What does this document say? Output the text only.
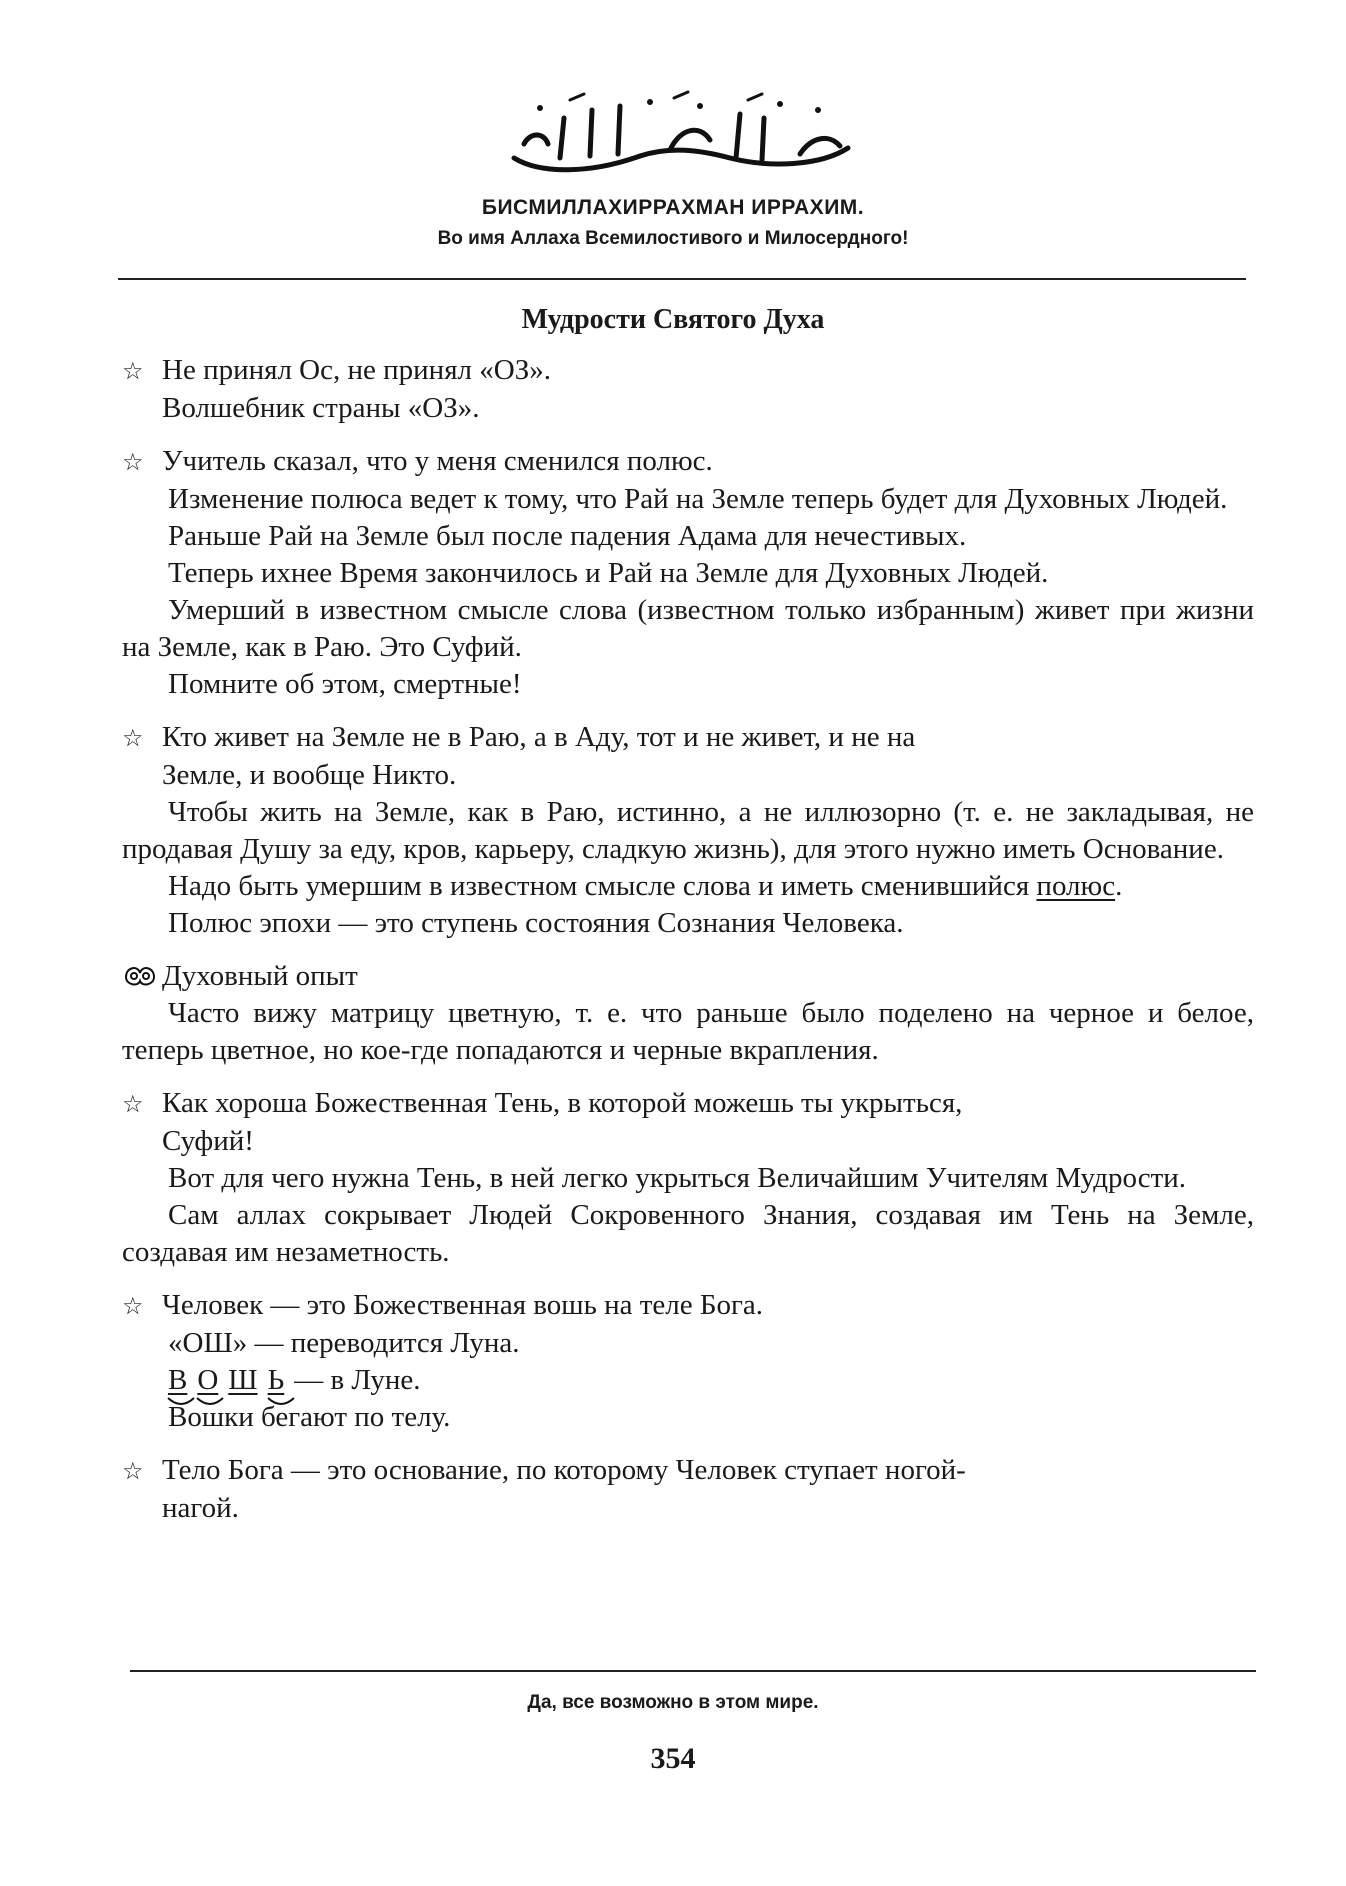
БИСМИЛЛАХИРРАХМАН ИРРАХИМ.
Во имя Аллаха Всемилостивого и Милосердного!
Мудрости Святого Духа
☆ Не принял Ос, не принял «ОЗ».
Волшебник страны «ОЗ».
☆ Учитель сказал, что у меня сменился полюс.
Изменение полюса ведет к тому, что Рай на Земле теперь будет для Духовных Людей.
Раньше Рай на Земле был после падения Адама для нечестивых.
Теперь ихнее Время закончилось и Рай на Земле для Духовных Людей.
Умерший в известном смысле слова (известном только избранным) живет при жизни на Земле, как в Раю. Это Суфий.
Помните об этом, смертные!
☆ Кто живет на Земле не в Раю, а в Аду, тот и не живет, и не на
Земле, и вообще Никто.
Чтобы жить на Земле, как в Раю, истинно, а не иллюзорно (т. е. не закладывая, не продавая Душу за еду, кров, карьеру, сладкую жизнь), для этого нужно иметь Основание.
Надо быть умершим в известном смысле слова и иметь сменившийся полюс.
Полюс эпохи — это ступень состояния Сознания Человека.
Духовный опыт
Часто вижу матрицу цветную, т. е. что раньше было поделено на черное и белое, теперь цветное, но кое-где попадаются и черные вкрапления.
☆ Как хороша Божественная Тень, в которой можешь ты укрыться,
Суфий!
Вот для чего нужна Тень, в ней легко укрыться Величайшим Учителям Мудрости.
Сам аллах сокрывает Людей Сокровенного Знания, создавая им Тень на Земле, создавая им незаметность.
☆ Человек — это Божественная вошь на теле Бога.
«ОШ» — переводится Луна.
В О Ш Ь — в Луне.
Вошки бегают по телу.
☆ Тело Бога — это основание, по которому Человек ступает ногой-
нагой.
Да, все возможно в этом мире.
354
